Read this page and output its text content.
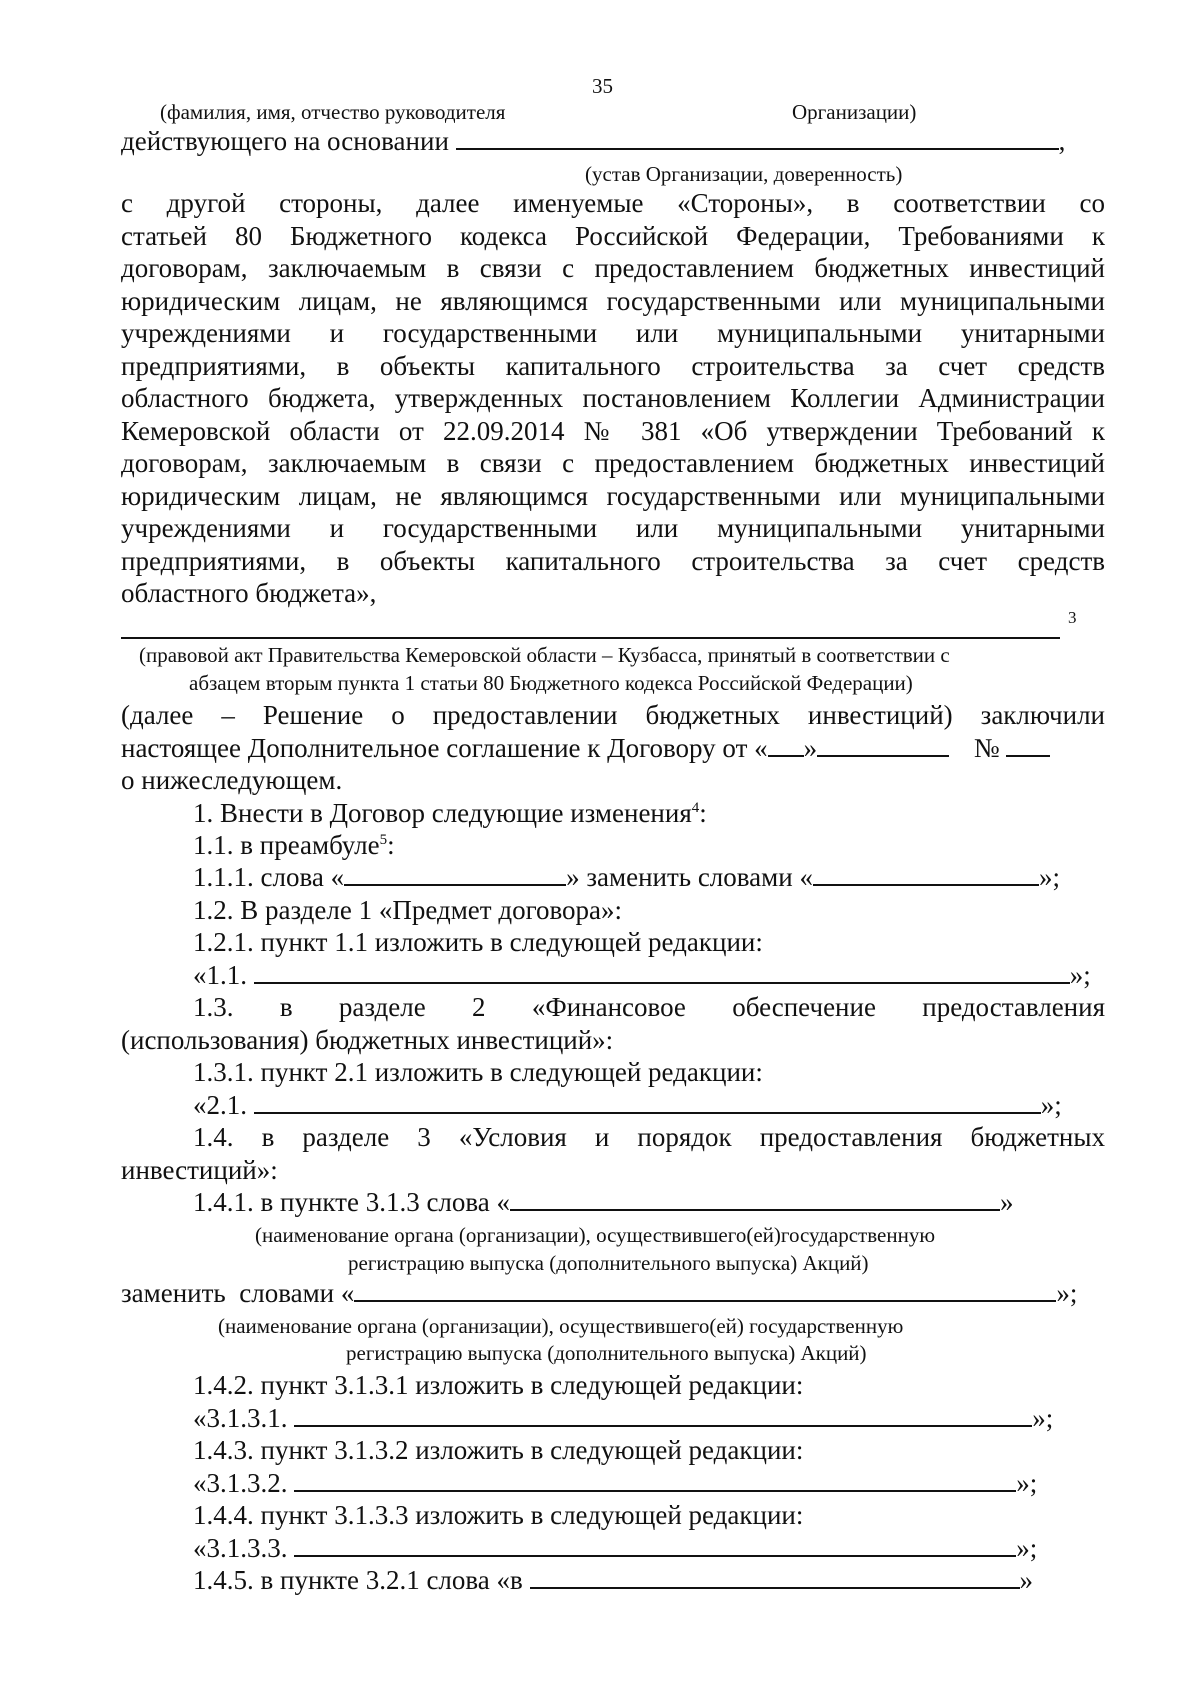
35
(фамилия, имя, отчество руководителя	Организации)
действующего на основании	,
(устав Организации, доверенность)
с другой стороны, далее именуемые «Стороны», в соответствии со
статьей 80 Бюджетного кодекса Российской Федерации, Требованиями к
договорам, заключаемым в связи с предоставлением бюджетных инвестиций
юридическим лицам, не являющимся государственными или муниципальными
учреждениями и государственными или муниципальными унитарными
предприятиями, в объекты капитального строительства за счет средств
областного бюджета, утвержденных постановлением Коллегии Администрации
Кемеровской области от 22.09.2014 № 381 «Об утверждении Требований к
договорам, заключаемым в связи с предоставлением бюджетных инвестиций
юридическим лицам, не являющимся государственными или муниципальными
учреждениями и государственными или муниципальными унитарными
предприятиями, в объекты капитального строительства за счет средств
областного бюджета»,
3
(правовой акт Правительства Кемеровской области – Кузбасса, принятый в соответствии с
абзацем вторым пункта 1 статьи 80 Бюджетного кодекса Российской Федерации)
(далее – Решение о предоставлении бюджетных инвестиций) заключили
настоящее Дополнительное соглашение к Договору от « »	№
о нижеследующем.
1. Внести в Договор следующие изменения$^4$:
1.1. в преамбуле$^5$:
1.1.1. слова «	» заменить словами «	»;
1.2. В разделе 1 «Предмет договора»:
1.2.1. пункт 1.1 изложить в следующей редакции:
«1.1.	»;
1.3. в разделе 2 «Финансовое обеспечение предоставления
(использования) бюджетных инвестиций»:
1.3.1. пункт 2.1 изложить в следующей редакции:
«2.1.	»;
1.4. в разделе 3 «Условия и порядок предоставления бюджетных
инвестиций»:
1.4.1. в пункте 3.1.3 слова «	»
(наименование органа (организации), осуществившего(ей)государственную
регистрацию выпуска (дополнительного выпуска) Акций)
заменить  словами «	»;
(наименование органа (организации), осуществившего(ей) государственную
регистрацию выпуска (дополнительного выпуска) Акций)
1.4.2. пункт 3.1.3.1 изложить в следующей редакции:
«3.1.3.1.	»;
1.4.3. пункт 3.1.3.2 изложить в следующей редакции:
«3.1.3.2.	»;
1.4.4. пункт 3.1.3.3 изложить в следующей редакции:
«3.1.3.3.	»;
1.4.5. в пункте 3.2.1 слова «в	»
